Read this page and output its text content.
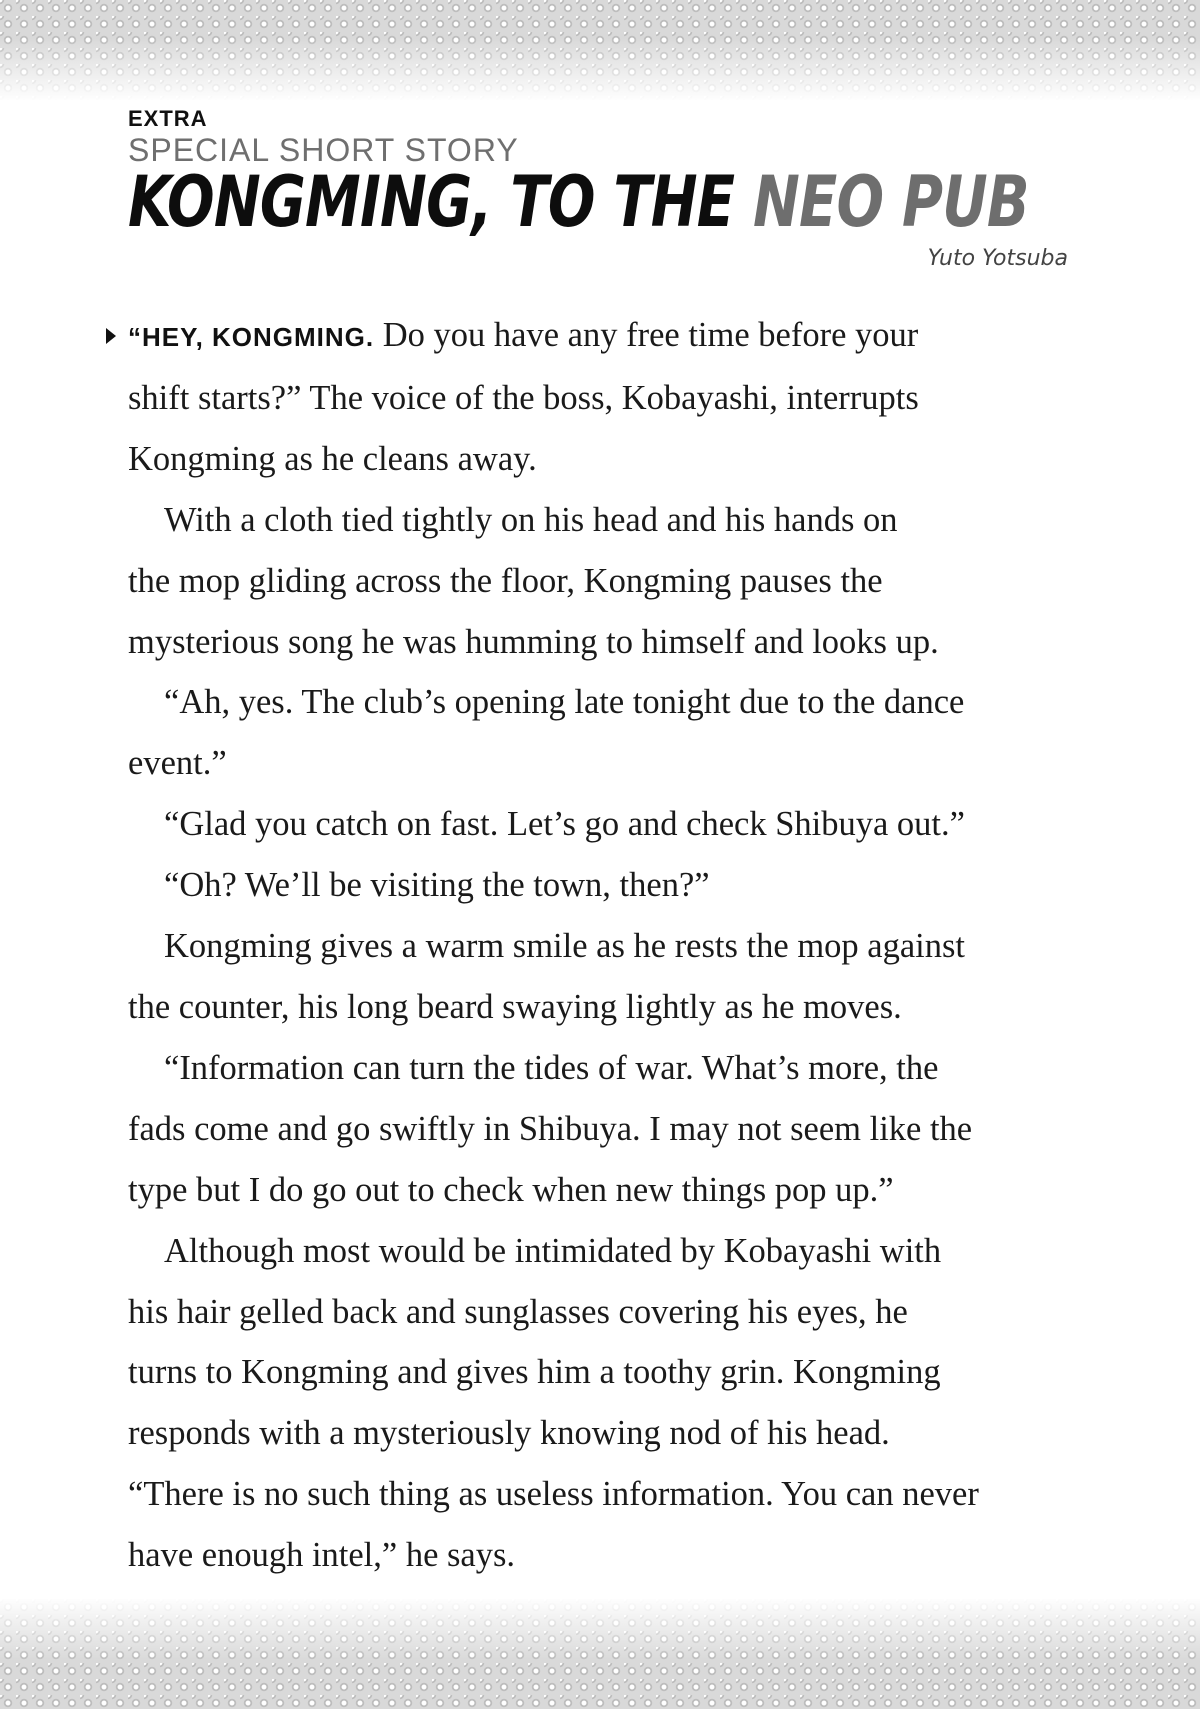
EXTRA
SPECIAL SHORT STORY
KONGMING, TO THE NEO PUB
Yuto Yotsuba

“HEY, KONGMING. Do you have any free time before your

shift starts?” The voice of the boss, Kobayashi, interrupts

Kongming as he cleans away.

With a cloth tied tightly on his head and his hands on

the mop gliding across the floor, Kongming pauses the

mysterious song he was humming to himself and looks up.

“Ah, yes. The club’s opening late tonight due to the dance

event.”

“Glad you catch on fast. Let’s go and check Shibuya out.”

“Oh? We’ll be visiting the town, then?”

Kongming gives a warm smile as he rests the mop against

the counter, his long beard swaying lightly as he moves.

“Information can turn the tides of war. What’s more, the

fads come and go swiftly in Shibuya. I may not seem like the

type but I do go out to check when new things pop up.”

Although most would be intimidated by Kobayashi with

his hair gelled back and sunglasses covering his eyes, he

turns to Kongming and gives him a toothy grin. Kongming

responds with a mysteriously knowing nod of his head.

“There is no such thing as useless information. You can never

have enough intel,” he says.
